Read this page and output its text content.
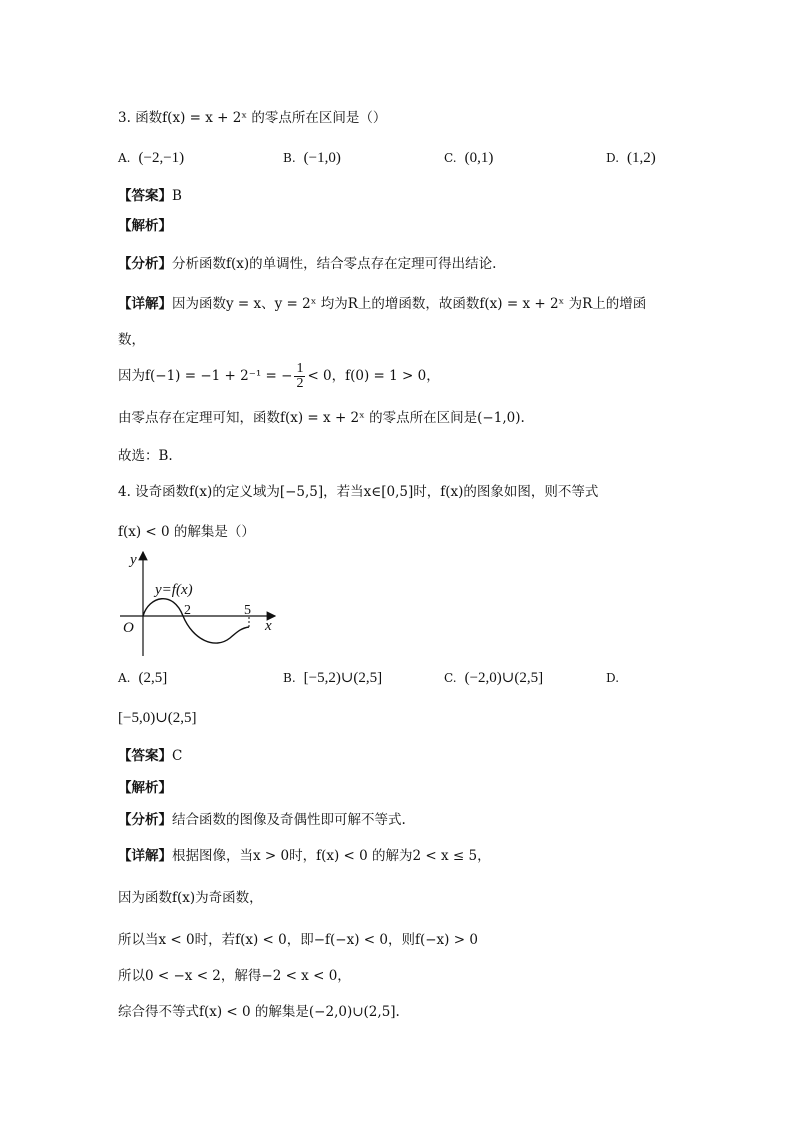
3. 函数f(x) = x + 2ˣ 的零点所在区间是（）
A. (−2,−1)	B. (−1,0)	C. (0,1)	D. (1,2)
【答案】B
【解析】
【分析】分析函数f(x)的单调性，结合零点存在定理可得出结论.
【详解】因为函数y = x、y = 2ˣ 均为R上的增函数，故函数f(x) = x + 2ˣ 为R上的增函
数，
因为f(−1) = −1 + 2⁻¹ = − $\frac{1}{2} < 0$，f(0) = 1 > 0，
由零点存在定理可知，函数f(x) = x + 2ˣ 的零点所在区间是(−1,0).
故选：B.
4. 设奇函数f(x)的定义域为[−5,5]，若当x∈[0,5]时，f(x)的图象如图，则不等式
f(x) < 0 的解集是（）
y
x
O
y=f(x)
2	5
A. (2,5]	B. [−5,2)∪(2,5]	C. (−2,0)∪(2,5]	D.
[−5,0)∪(2,5]
【答案】C
【解析】
【分析】结合函数的图像及奇偶性即可解不等式.
【详解】根据图像，当x > 0时，f(x) < 0 的解为2 < x ≤ 5，
因为函数f(x)为奇函数，
所以当x < 0时，若f(x) < 0，即−f(−x) < 0，则f(−x) > 0
所以0 < −x < 2，解得−2 < x < 0，
综合得不等式f(x) < 0 的解集是(−2,0)∪(2,5].
